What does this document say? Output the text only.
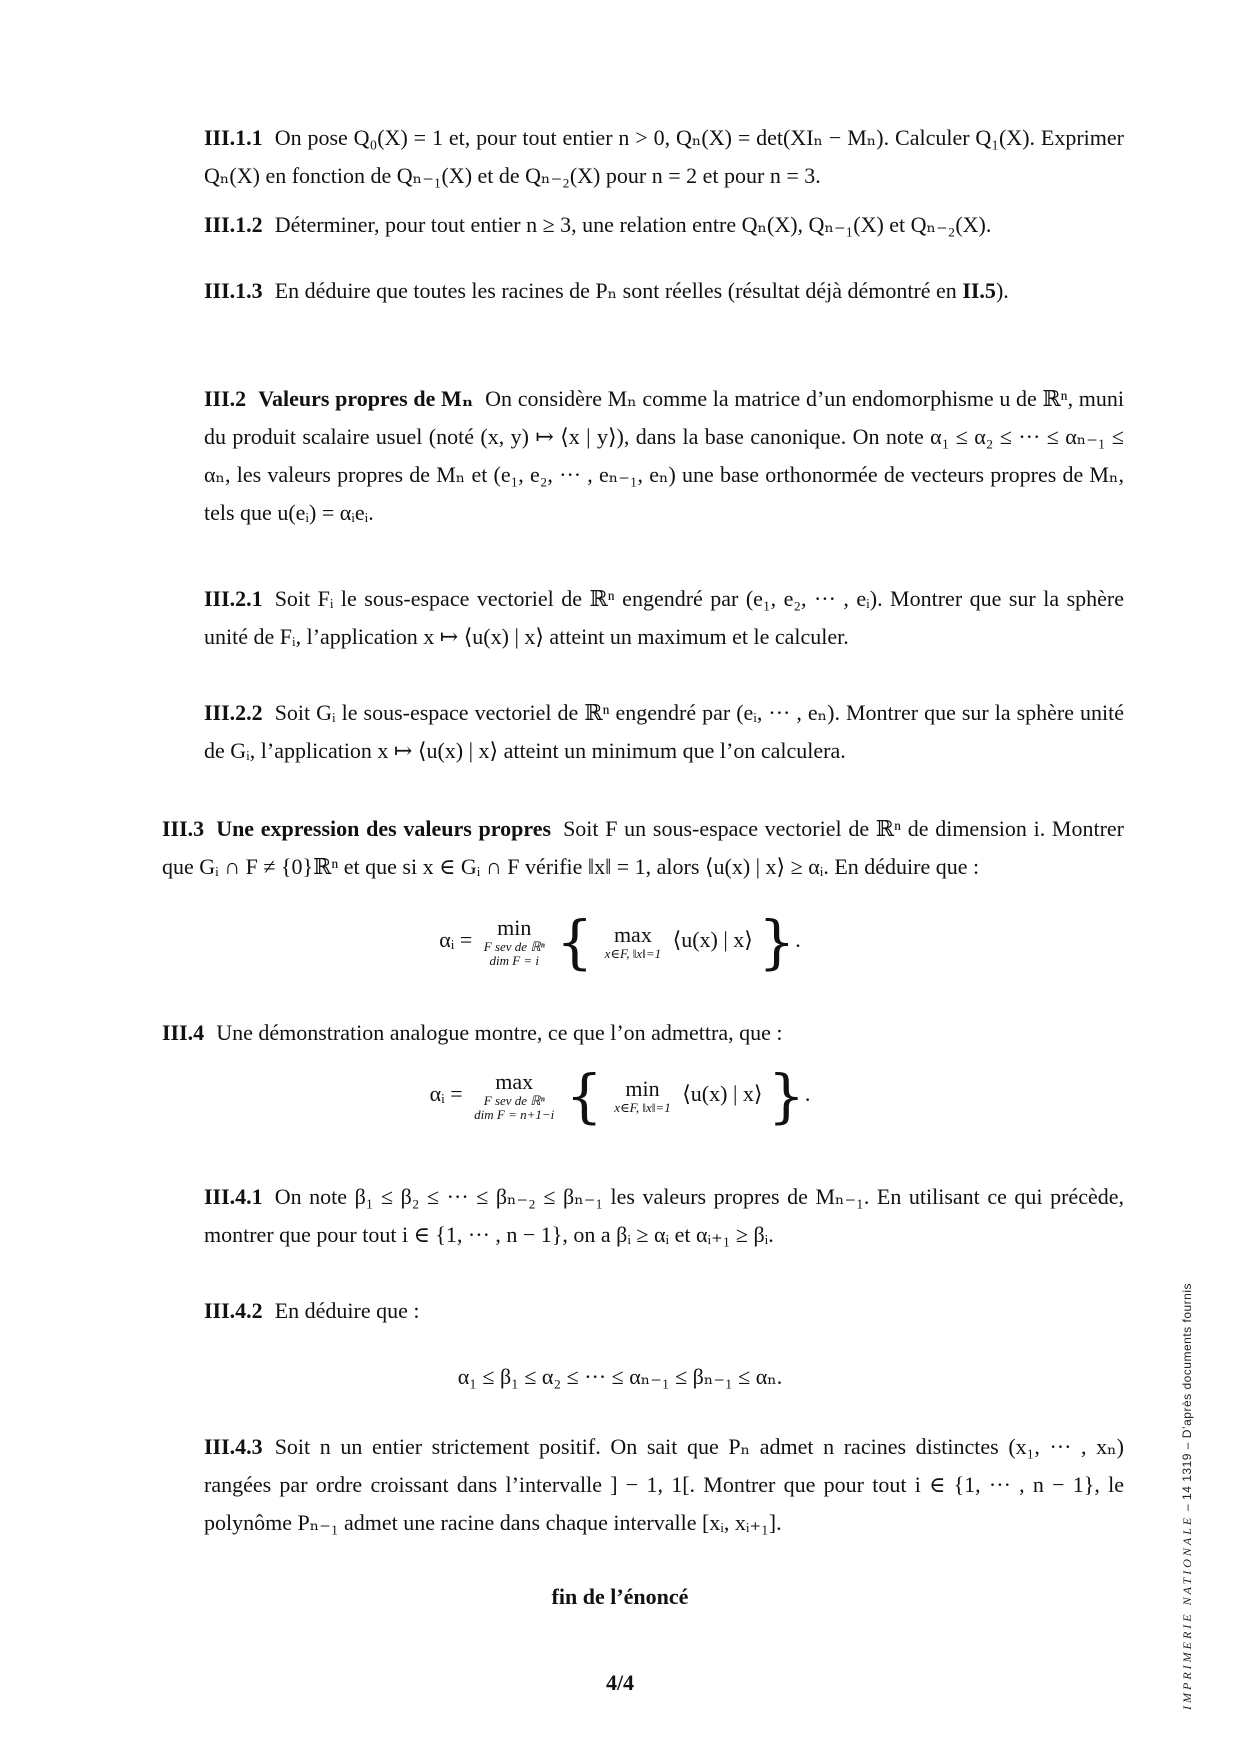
III.1.1 On pose Q₀(X) = 1 et, pour tout entier n > 0, Qₙ(X) = det(XIₙ − Mₙ). Calculer Q₁(X). Exprimer Qₙ(X) en fonction de Qₙ₋₁(X) et de Qₙ₋₂(X) pour n = 2 et pour n = 3.

III.1.2 Déterminer, pour tout entier n ≥ 3, une relation entre Qₙ(X), Qₙ₋₁(X) et Qₙ₋₂(X).

III.1.3 En déduire que toutes les racines de Pₙ sont réelles (résultat déjà démontré en II.5).

III.2 Valeurs propres de Mₙ On considère Mₙ comme la matrice d’un endomorphisme u de ℝⁿ, muni du produit scalaire usuel (noté (x, y) ↦ ⟨x | y⟩), dans la base canonique. On note α₁ ≤ α₂ ≤ ··· ≤ αₙ₋₁ ≤ αₙ, les valeurs propres de Mₙ et (e₁, e₂, ··· , eₙ₋₁, eₙ) une base orthonormée de vecteurs propres de Mₙ, tels que u(eᵢ) = αᵢeᵢ.

III.2.1 Soit Fᵢ le sous-espace vectoriel de ℝⁿ engendré par (e₁, e₂, ··· , eᵢ). Montrer que sur la sphère unité de Fᵢ, l’application x ↦ ⟨u(x) | x⟩ atteint un maximum et le calculer.

III.2.2 Soit Gᵢ le sous-espace vectoriel de ℝⁿ engendré par (eᵢ, ··· , eₙ). Montrer que sur la sphère unité de Gᵢ, l’application x ↦ ⟨u(x) | x⟩ atteint un minimum que l’on calculera.

III.3 Une expression des valeurs propres Soit F un sous-espace vectoriel de ℝⁿ de dimension i. Montrer que Gᵢ ∩ F ≠ {0}ℝⁿ et que si x ∈ Gᵢ ∩ F vérifie ‖x‖ = 1, alors ⟨u(x) | x⟩ ≥ αᵢ. En déduire que :

αᵢ =	min
F sev de ℝⁿ
dim F = i { max
x∈F, ‖x‖=1
⟨u(x) | x⟩ }.

III.4 Une démonstration analogue montre, ce que l’on admettra, que :

αᵢ =	max
F sev de ℝⁿ
dim F = n+1−i {	min
x∈F, ‖x‖=1
⟨u(x) | x⟩ }.

III.4.1 On note β₁ ≤ β₂ ≤ ··· ≤ βₙ₋₂ ≤ βₙ₋₁ les valeurs propres de Mₙ₋₁. En utilisant ce qui précède, montrer que pour tout i ∈ {1, ··· , n − 1}, on a βᵢ ≥ αᵢ et αᵢ₊₁ ≥ βᵢ.

III.4.2 En déduire que :

α₁ ≤ β₁ ≤ α₂ ≤ ··· ≤ αₙ₋₁ ≤ βₙ₋₁ ≤ αₙ.

III.4.3 Soit n un entier strictement positif. On sait que Pₙ admet n racines distinctes (x₁, ··· , xₙ) rangées par ordre croissant dans l’intervalle ] − 1, 1[. Montrer que pour tout i ∈ {1, ··· , n − 1}, le polynôme Pₙ₋₁ admet une racine dans chaque intervalle [xᵢ, xᵢ₊₁].

fin de l’énoncé
4/4	IMPRIMERIE NATIONALE – 14 1319 – D’après documents fournis
